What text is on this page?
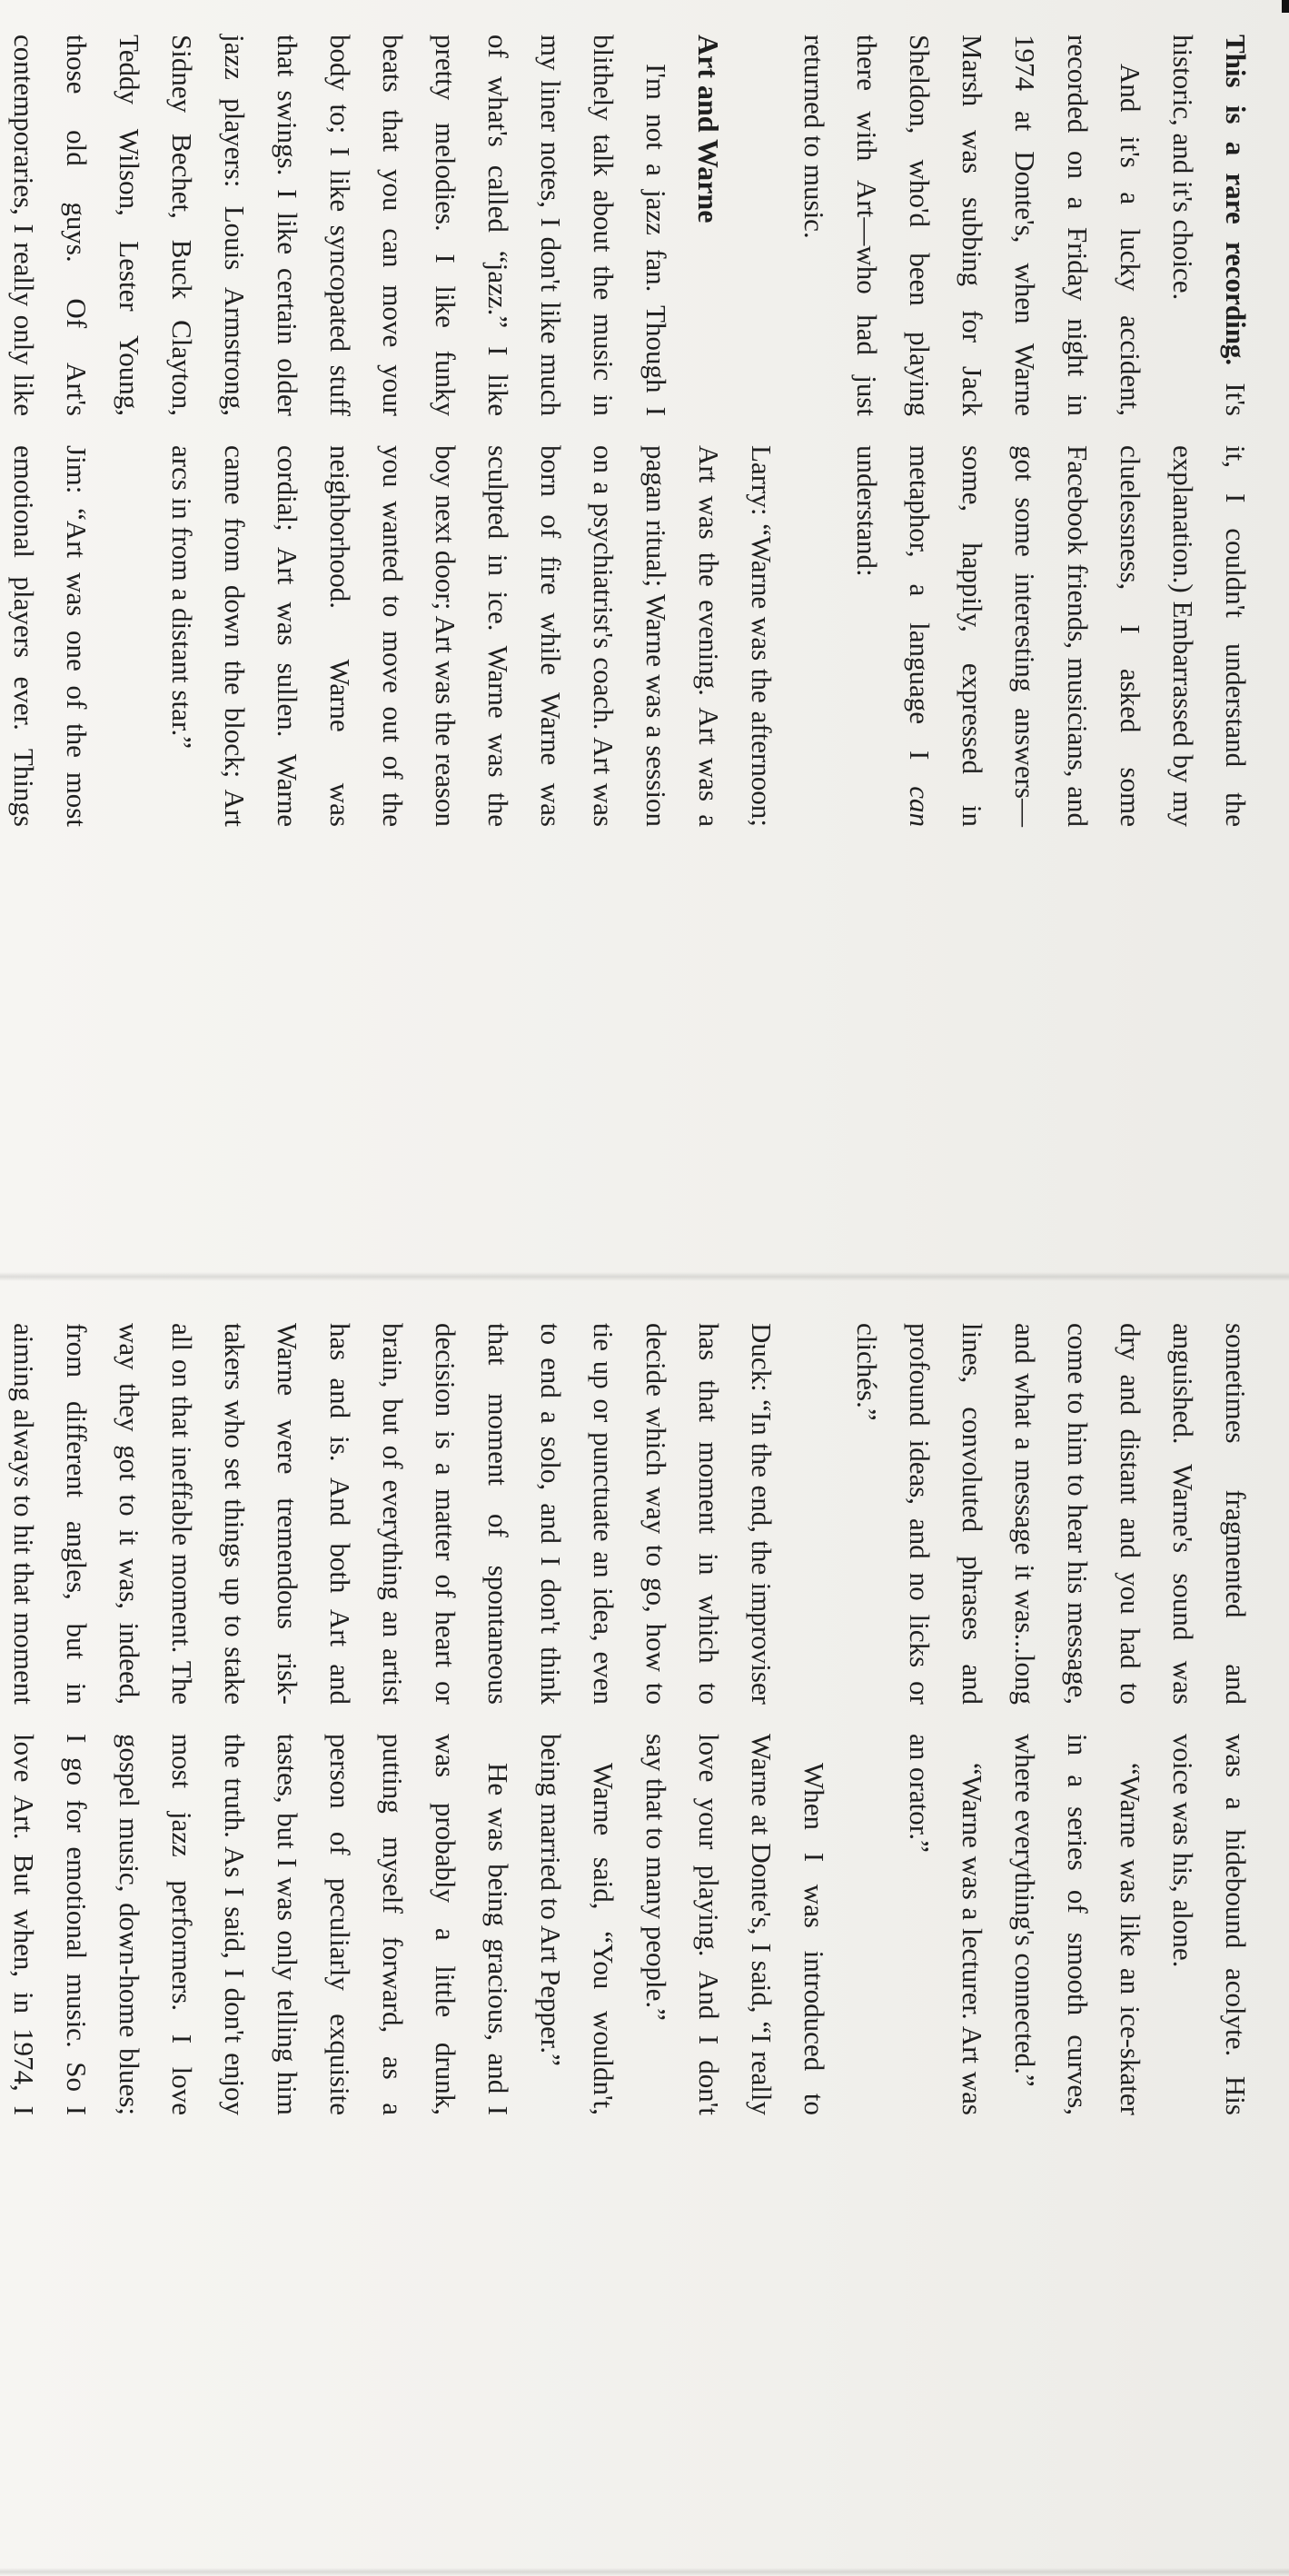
This is a rare recording. It's historic, and it's choice.

And it's a lucky accident, recorded on a Friday night in 1974 at Donte's, when Warne Marsh was subbing for Jack Sheldon, who'd been playing there with Art—who had just returned to music.

Art and Warne

I'm not a jazz fan. Though I blithely talk about the music in my liner notes, I don't like much of what's called “jazz.” I like pretty melodies. I like funky beats that you can move your body to; I like syncopated stuff that swings. I like certain older jazz players: Louis Armstrong, Sidney Bechet, Buck Clayton, Teddy Wilson, Lester Young, those old guys. Of Art's contemporaries, I really only like

it, I couldn't understand the explanation.) Embarrassed by my cluelessness, I asked some Facebook friends, musicians, and got some interesting answers—some, happily, expressed in metaphor, a language I can understand:

Larry: “Warne was the afternoon; Art was the evening. Art was a pagan ritual; Warne was a session on a psychiatrist's coach. Art was born of fire while Warne was sculpted in ice. Warne was the boy next door; Art was the reason you wanted to move out of the neighborhood. Warne was cordial; Art was sullen. Warne came from down the block; Art arcs in from a distant star.”

Jim: “Art was one of the most emotional players ever. Things

sometimes fragmented and anguished. Warne's sound was dry and distant and you had to come to him to hear his message, and what a message it was...long lines, convoluted phrases and profound ideas, and no licks or clichés.”

Duck: “In the end, the improviser has that moment in which to decide which way to go, how to tie up or punctuate an idea, even to end a solo, and I don't think that moment of spontaneous decision is a matter of heart or brain, but of everything an artist has and is. And both Art and Warne were tremendous risk-takers who set things up to stake all on that ineffable moment. The way they got to it was, indeed, from different angles, but in aiming always to hit that moment

was a hidebound acolyte. His voice was his, alone.

“Warne was like an ice-skater in a series of smooth curves, where everything's connected.”

“Warne was a lecturer. Art was an orator.”

When I was introduced to Warne at Donte's, I said, “I really love your playing. And I don't say that to many people.”

Warne said, “You wouldn't, being married to Art Pepper.”

He was being gracious, and I was probably a little drunk, putting myself forward, as a person of peculiarly exquisite tastes, but I was only telling him the truth. As I said, I don't enjoy most jazz performers. I love gospel music, down-home blues; I go for emotional music. So I love Art. But when, in 1974, I
